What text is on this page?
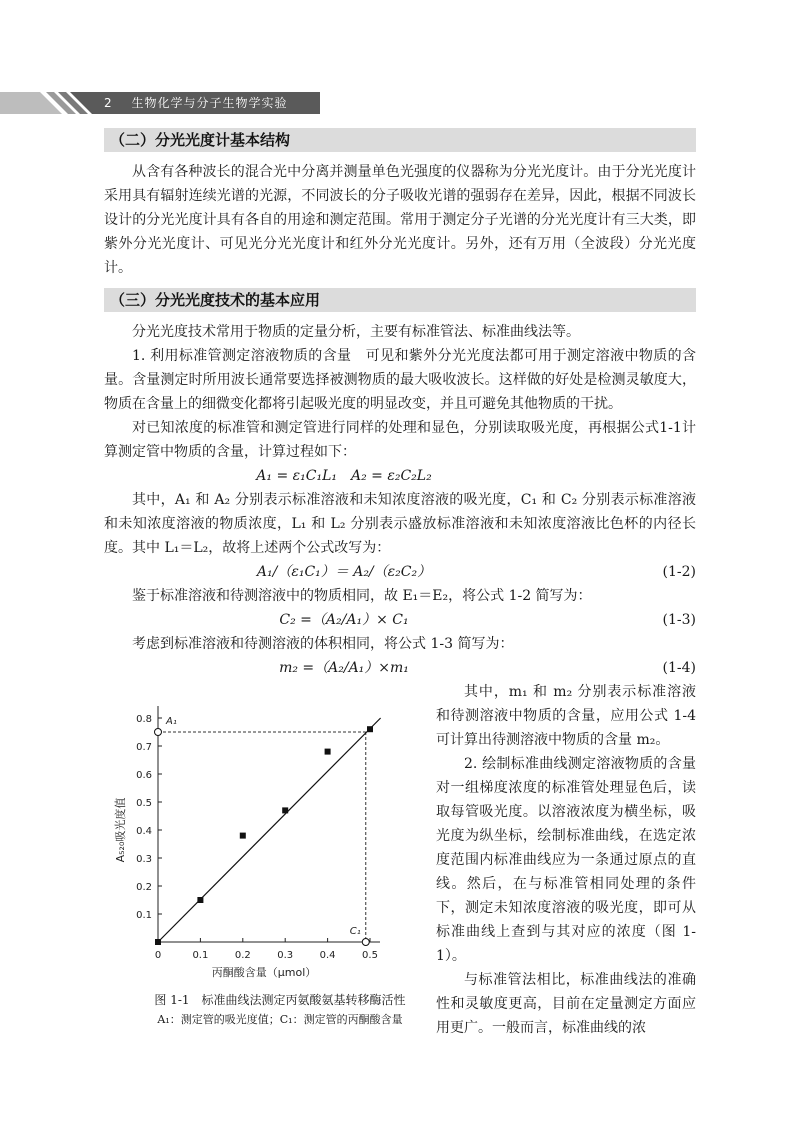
2 生物化学与分子生物学实验
（二）分光光度计基本结构

从含有各种波长的混合光中分离并测量单色光强度的仪器称为分光光度计。由于分光光度计采用具有辐射连续光谱的光源，不同波长的分子吸收光谱的强弱存在差异，因此，根据不同波长设计的分光光度计具有各自的用途和测定范围。常用于测定分子光谱的分光光度计有三大类，即紫外分光光度计、可见光分光光度计和红外分光光度计。另外，还有万用（全波段）分光光度计。

（三）分光光度技术的基本应用

分光光度技术常用于物质的定量分析，主要有标准管法、标准曲线法等。

1. 利用标准管测定溶液物质的含量　可见和紫外分光光度法都可用于测定溶液中物质的含量。含量测定时所用波长通常要选择被测物质的最大吸收波长。这样做的好处是检测灵敏度大，物质在含量上的细微变化都将引起吸光度的明显改变，并且可避免其他物质的干扰。

对已知浓度的标准管和测定管进行同样的处理和显色，分别读取吸光度，再根据公式1-1计算测定管中物质的含量，计算过程如下：

A₁ = ε₁C₁L₁　A₂ = ε₂C₂L₂

其中，A₁ 和 A₂ 分别表示标准溶液和未知浓度溶液的吸光度，C₁ 和 C₂ 分别表示标准溶液和未知浓度溶液的物质浓度，L₁ 和 L₂ 分别表示盛放标准溶液和未知浓度溶液比色杯的内径长度。其中 L₁＝L₂，故将上述两个公式改写为：

A₁/（ε₁C₁）＝ A₂/（ε₂C₂）	(1-2)

鉴于标准溶液和待测溶液中的物质相同，故 E₁＝E₂，将公式 1-2 简写为：

C₂ =（A₂/A₁）× C₁	(1-3)

考虑到标准溶液和待测溶液的体积相同，将公式 1-3 简写为：

m₂ =（A₂/A₁）×m₁	(1-4)

其中，m₁ 和 m₂ 分别表示标准溶液和待测溶液中物质的含量，应用公式 1-4 可计算出待测溶液中物质的含量 m₂。

2. 绘制标准曲线测定溶液物质的含量　对一组梯度浓度的标准管处理显色后，读取每管吸光度。以溶液浓度为横坐标，吸光度为纵坐标，绘制标准曲线，在选定浓度范围内标准曲线应为一条通过原点的直线。然后，在与标准管相同处理的条件下，测定未知浓度溶液的吸光度，即可从标准曲线上查到与其对应的浓度（图 1-1）。

与标准管法相比，标准曲线法的准确性和灵敏度更高，目前在定量测定方面应用更广。一般而言，标准曲线的浓

0	0.1	0.2	0.3	0.4	0.5
0.1
0.2
0.3
0.4
0.5
0.6
0.7
0.8
丙酮酸含量（μmol）
A₅₂₀吸光度值
A₁
C₁
图 1-1　标准曲线法测定丙氨酸氨基转移酶活性
A₁：测定管的吸光度值；C₁：测定管的丙酮酸含量
